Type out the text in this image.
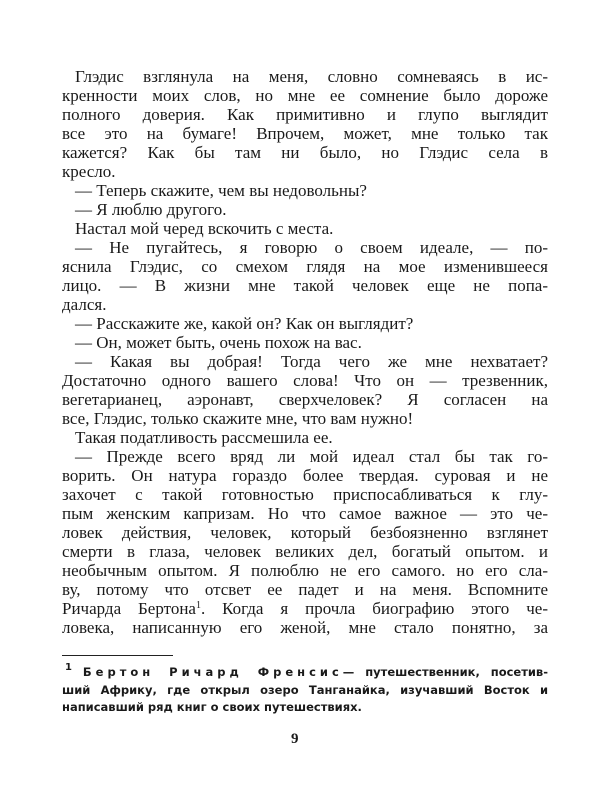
Глэдис взглянула на меня, словно сомневаясь в ис-
кренности моих слов, но мне ее сомнение было дороже
полного доверия. Как примитивно и глупо выглядит
все это на бумаге! Впрочем, может, мне только так
кажется? Как бы там ни было, но Глэдис села в
кресло.
— Теперь скажите, чем вы недовольны?
— Я люблю другого.
Настал мой черед вскочить с места.
— Не пугайтесь, я говорю о своем идеале, — по-
яснила Глэдис, со смехом глядя на мое изменившееся
лицо. — В жизни мне такой человек еще не попа-
дался.
— Расскажите же, какой он? Как он выглядит?
— Он, может быть, очень похож на вас.
— Какая вы добрая! Тогда чего же мне нехватает?
Достаточно одного вашего слова! Что он — трезвенник,
вегетарианец, аэронавт, сверхчеловек? Я согласен на
все, Глэдис, только скажите мне, что вам нужно!
Такая податливость рассмешила ее.
— Прежде всего вряд ли мой идеал стал бы так го-
ворить. Он натура гораздо более твердая. суровая и не
захочет с такой готовностью приспосабливаться к глу-
пым женским капризам. Но что самое важное — это че-
ловек действия, человек, который безбоязненно взглянет
смерти в глаза, человек великих дел, богатый опытом. и
необычным опытом. Я полюблю не его самого. но его сла-
ву, потому что отсвет ее падет и на меня. Вспомните
Ричарда Бертона$^1$. Когда я прочла биографию этого че-
ловека, написанную его женой, мне стало понятно, за
$^1$ Бертон Ричард Френсис— путешественник, посетив-
ший Африку, где открыл озеро Танганайка, изучавший Восток и
написавший ряд книг о своих путешествиях.
9
